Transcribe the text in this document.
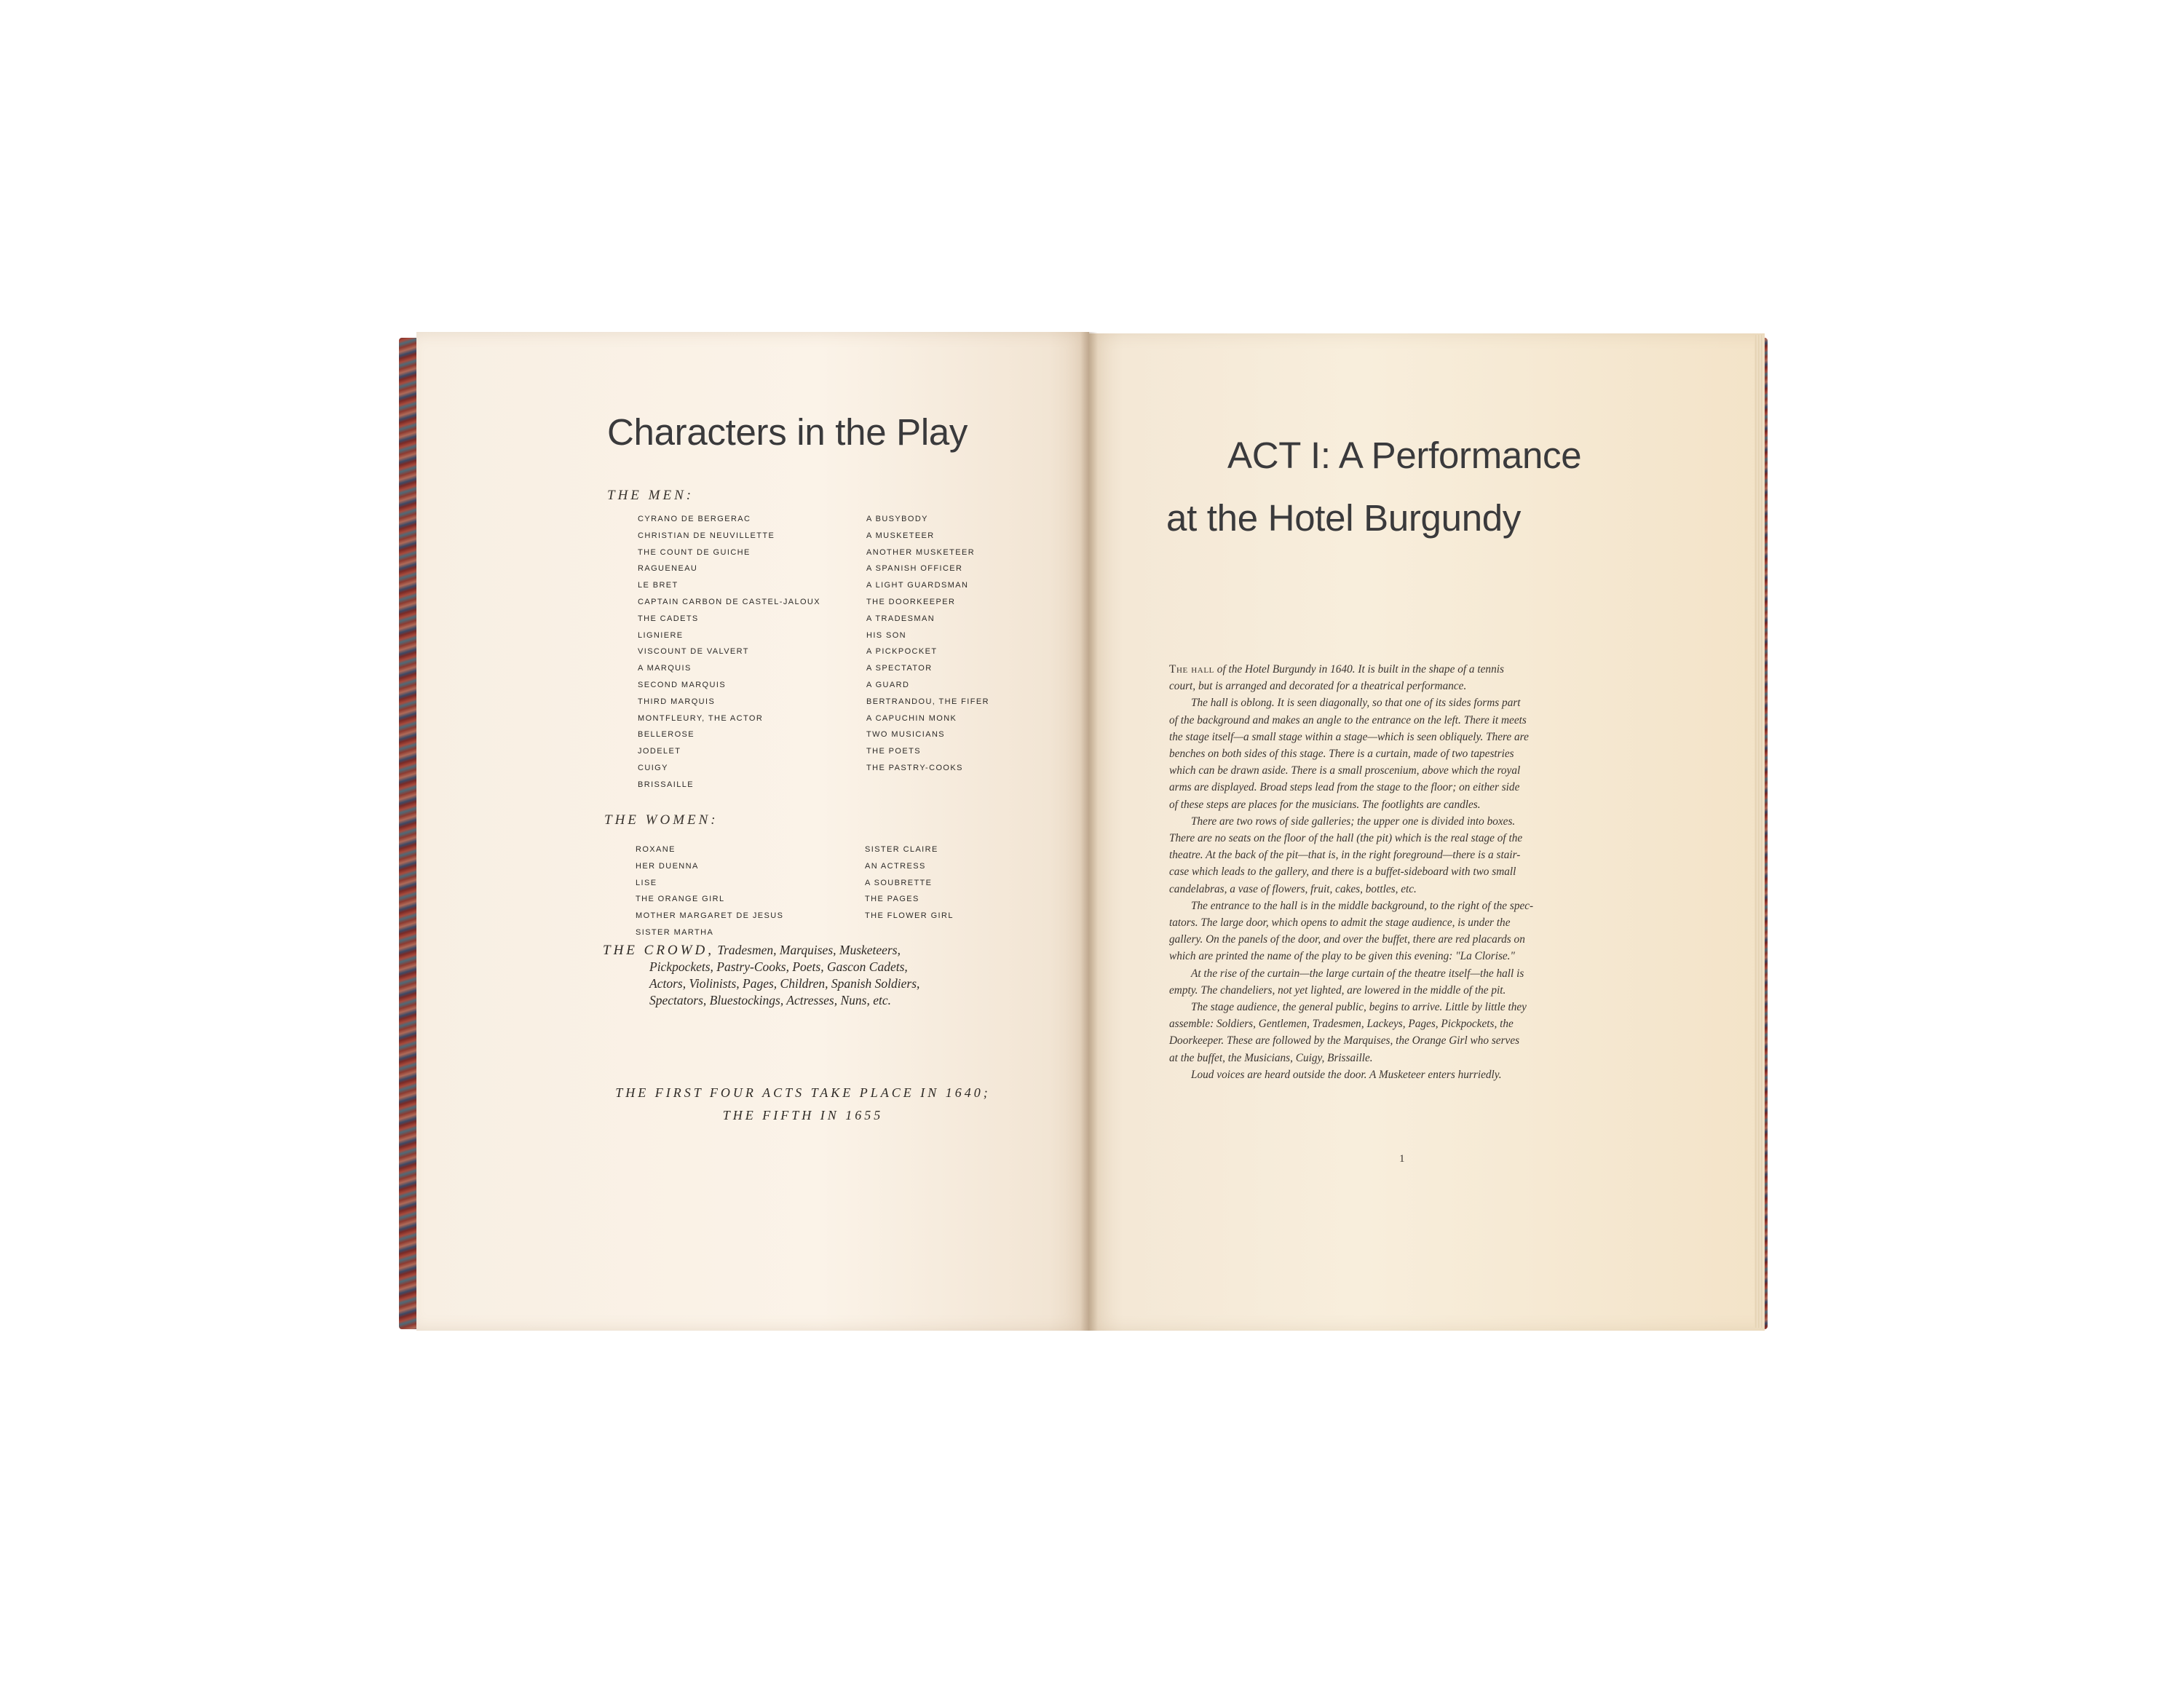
Characters in the Play
THE MEN:
CYRANO DE BERGERAC
CHRISTIAN DE NEUVILLETTE
THE COUNT DE GUICHE
RAGUENEAU
LE BRET
CAPTAIN CARBON DE CASTEL-JALOUX
THE CADETS
LIGNIERE
VISCOUNT DE VALVERT
A MARQUIS
SECOND MARQUIS
THIRD MARQUIS
MONTFLEURY, THE ACTOR
BELLEROSE
JODELET
CUIGY
BRISSAILLE
A BUSYBODY
A MUSKETEER
ANOTHER MUSKETEER
A SPANISH OFFICER
A LIGHT GUARDSMAN
THE DOORKEEPER
A TRADESMAN
HIS SON
A PICKPOCKET
A SPECTATOR
A GUARD
BERTRANDOU, THE FIFER
A CAPUCHIN MONK
TWO MUSICIANS
THE POETS
THE PASTRY-COOKS
THE WOMEN:
ROXANE
HER DUENNA
LISE
THE ORANGE GIRL
MOTHER MARGARET DE JESUS
SISTER MARTHA
SISTER CLAIRE
AN ACTRESS
A SOUBRETTE
THE PAGES
THE FLOWER GIRL
THE CROWD, Tradesmen, Marquises, Musketeers,
Pickpockets, Pastry-Cooks, Poets, Gascon Cadets,
Actors, Violinists, Pages, Children, Spanish Soldiers,
Spectators, Bluestockings, Actresses, Nuns, etc.
THE FIRST FOUR ACTS TAKE PLACE IN 1640;
THE FIFTH IN 1655
ACT I: A Performance
at the Hotel Burgundy
The hall of the Hotel Burgundy in 1640. It is built in the shape of a tennis
court, but is arranged and decorated for a theatrical performance.
The hall is oblong. It is seen diagonally, so that one of its sides forms part
of the background and makes an angle to the entrance on the left. There it meets
the stage itself—a small stage within a stage—which is seen obliquely. There are
benches on both sides of this stage. There is a curtain, made of two tapestries
which can be drawn aside. There is a small proscenium, above which the royal
arms are displayed. Broad steps lead from the stage to the floor; on either side
of these steps are places for the musicians. The footlights are candles.
There are two rows of side galleries; the upper one is divided into boxes.
There are no seats on the floor of the hall (the pit) which is the real stage of the
theatre. At the back of the pit—that is, in the right foreground—there is a stair-
case which leads to the gallery, and there is a buffet-sideboard with two small
candelabras, a vase of flowers, fruit, cakes, bottles, etc.
The entrance to the hall is in the middle background, to the right of the spec-
tators. The large door, which opens to admit the stage audience, is under the
gallery. On the panels of the door, and over the buffet, there are red placards on
which are printed the name of the play to be given this evening: "La Clorise."
At the rise of the curtain—the large curtain of the theatre itself—the hall is
empty. The chandeliers, not yet lighted, are lowered in the middle of the pit.
The stage audience, the general public, begins to arrive. Little by little they
assemble: Soldiers, Gentlemen, Tradesmen, Lackeys, Pages, Pickpockets, the
Doorkeeper. These are followed by the Marquises, the Orange Girl who serves
at the buffet, the Musicians, Cuigy, Brissaille.
Loud voices are heard outside the door. A Musketeer enters hurriedly.
1
